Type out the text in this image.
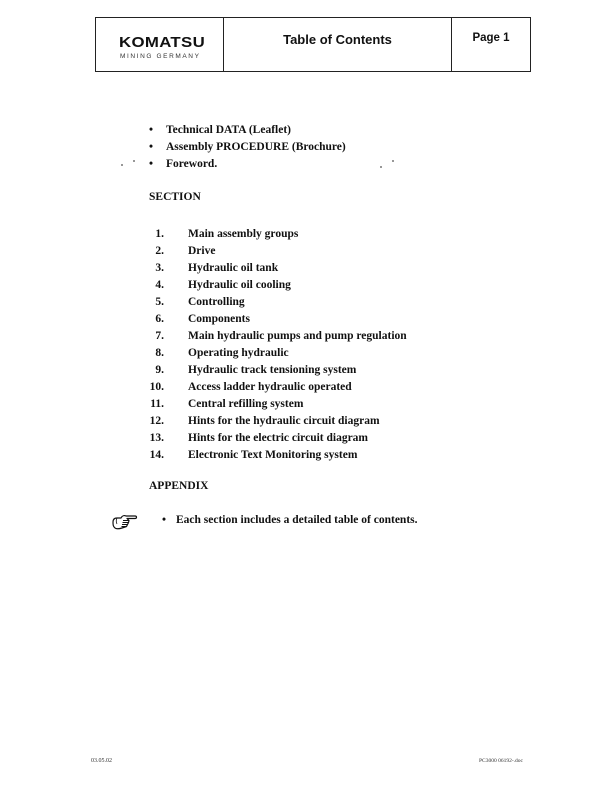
KOMATSU
MINING GERMANY
Table of Contents	Page 1
• Technical DATA (Leaflet)
• Assembly PROCEDURE (Brochure)
• Foreword.
SECTION
1. Main assembly groups
2. Drive
3. Hydraulic oil tank
4. Hydraulic oil cooling
5. Controlling
6. Components
7. Main hydraulic pumps and pump regulation
8. Operating hydraulic
9. Hydraulic track tensioning system
10. Access ladder hydraulic operated
11. Central refilling system
12. Hints for the hydraulic circuit diagram
13. Hints for the electric circuit diagram
14. Electronic Text Monitoring system
APPENDIX
• Each section includes a detailed table of contents.
03.05.02	PC3000 06192-.doc
